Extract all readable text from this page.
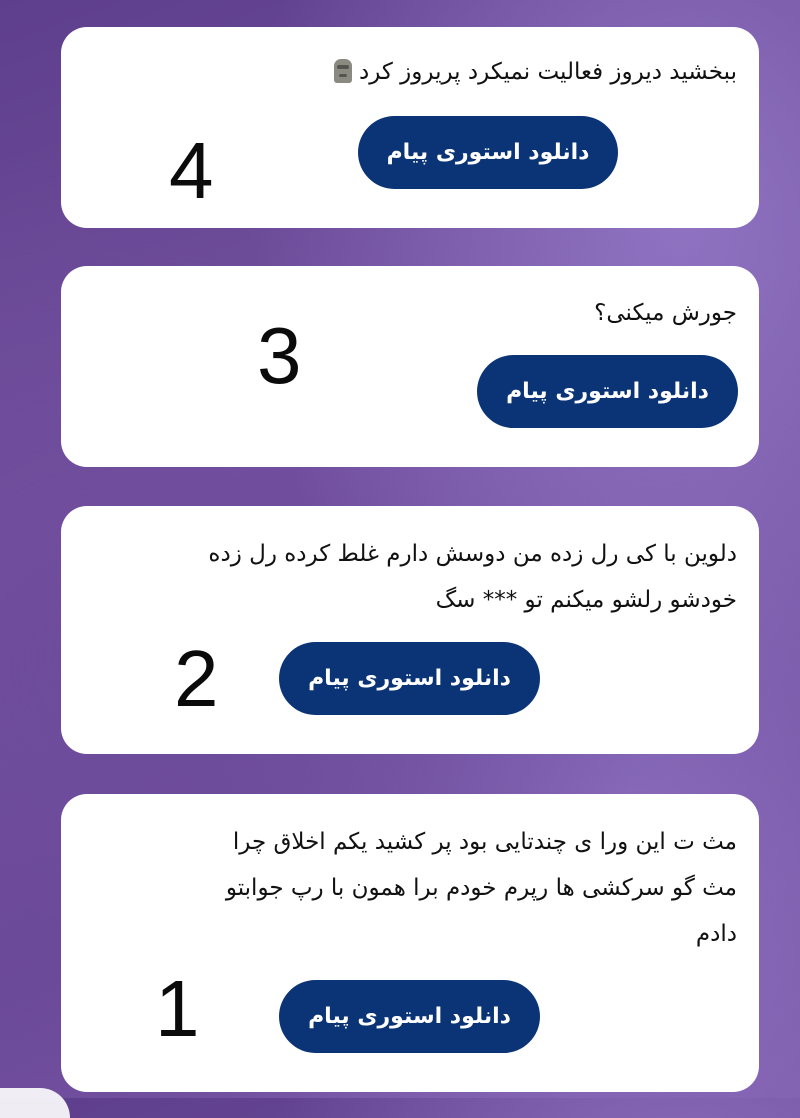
ببخشید دیروز فعالیت نمیکرد پریروز کرد
4	دانلود استوری پیام
جورش میکنی؟
3	دانلود استوری پیام
دلوین با کی رل زده من دوسش دارم غلط کرده رل زده
خودشو رلشو میکنم تو *** سگ
2	دانلود استوری پیام
مث ت این ورا ی چندتایی بود پر کشید یکم اخلاق چرا
مث گو سرکشی ها رپرم خودم برا همون با رپ جوابتو
دادم
1	دانلود استوری پیام
